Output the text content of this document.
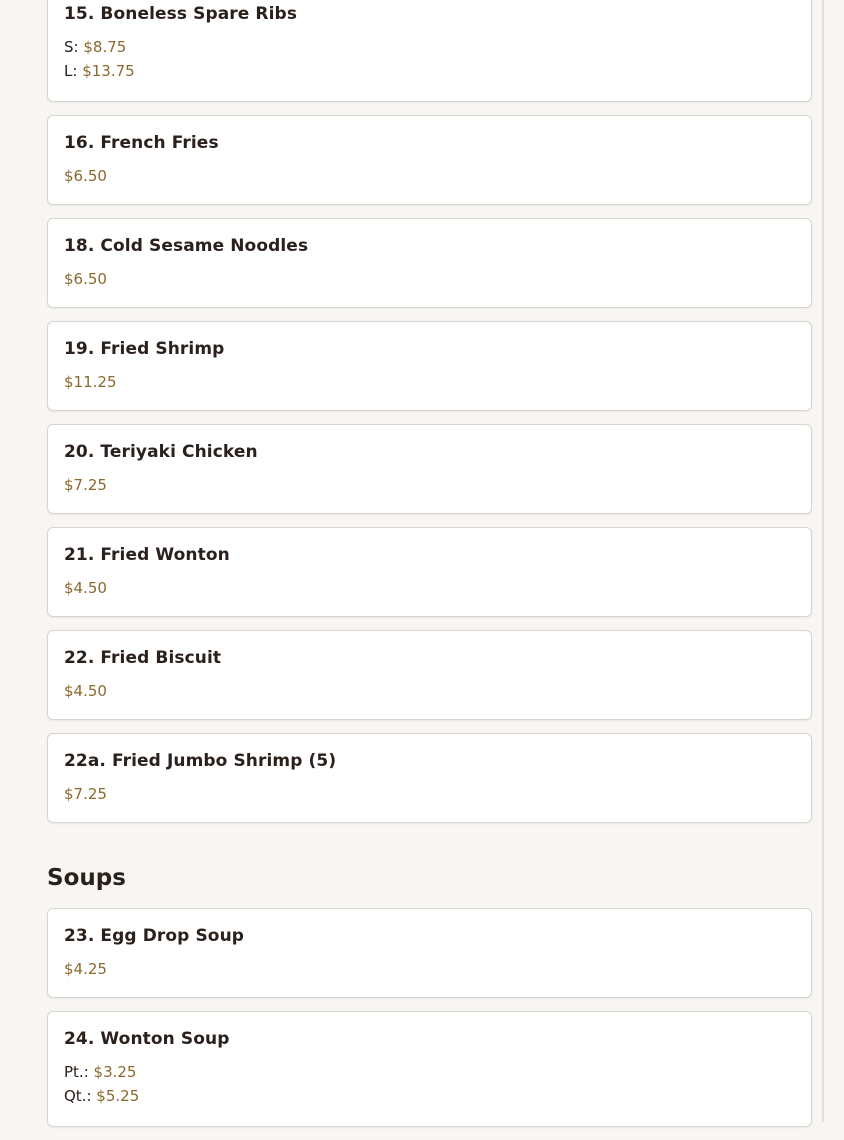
15. Boneless Spare Ribs
S: $8.75
L: $13.75
16. French Fries
$6.50
18. Cold Sesame Noodles
$6.50
19. Fried Shrimp
$11.25
20. Teriyaki Chicken
$7.25
21. Fried Wonton
$4.50
22. Fried Biscuit
$4.50
22a. Fried Jumbo Shrimp (5)
$7.25
Soups
23. Egg Drop Soup
$4.25
24. Wonton Soup
Pt.: $3.25
Qt.: $5.25
